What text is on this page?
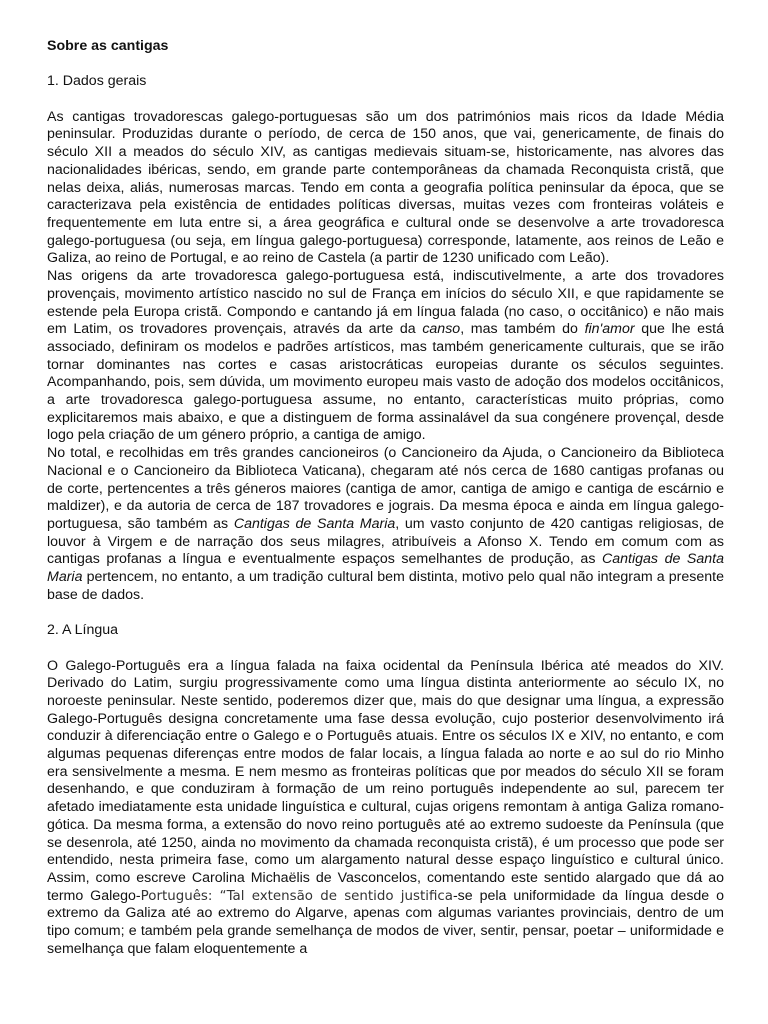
Sobre as cantigas
1. Dados gerais

As cantigas trovadorescas galego-portuguesas são um dos patrimónios mais ricos da Idade Média peninsular. Produzidas durante o período, de cerca de 150 anos, que vai, genericamente, de finais do século XII a meados do século XIV, as cantigas medievais situam-se, historicamente, nas alvores das nacionalidades ibéricas, sendo, em grande parte contemporâneas da chamada Reconquista cristã, que nelas deixa, aliás, numerosas marcas. Tendo em conta a geografia política peninsular da época, que se caracterizava pela existência de entidades políticas diversas, muitas vezes com fronteiras voláteis e frequentemente em luta entre si, a área geográfica e cultural onde se desenvolve a arte trovadoresca galego-portuguesa (ou seja, em língua galego-portuguesa) corresponde, latamente, aos reinos de Leão e Galiza, ao reino de Portugal, e ao reino de Castela (a partir de 1230 unificado com Leão).

Nas origens da arte trovadoresca galego-portuguesa está, indiscutivelmente, a arte dos trovadores provençais, movimento artístico nascido no sul de França em inícios do século XII, e que rapidamente se estende pela Europa cristã. Compondo e cantando já em língua falada (no caso, o occitânico) e não mais em Latim, os trovadores provençais, através da arte da canso, mas também do fin'amor que lhe está associado, definiram os modelos e padrões artísticos, mas também genericamente culturais, que se irão tornar dominantes nas cortes e casas aristocráticas europeias durante os séculos seguintes. Acompanhando, pois, sem dúvida, um movimento europeu mais vasto de adoção dos modelos occitânicos, a arte trovadoresca galego-portuguesa assume, no entanto, características muito próprias, como explicitaremos mais abaixo, e que a distinguem de forma assinalável da sua congénere provençal, desde logo pela criação de um género próprio, a cantiga de amigo.

No total, e recolhidas em três grandes cancioneiros (o Cancioneiro da Ajuda, o Cancioneiro da Biblioteca Nacional e o Cancioneiro da Biblioteca Vaticana), chegaram até nós cerca de 1680 cantigas profanas ou de corte, pertencentes a três géneros maiores (cantiga de amor, cantiga de amigo e cantiga de escárnio e maldizer), e da autoria de cerca de 187 trovadores e jograis. Da mesma época e ainda em língua galego-portuguesa, são também as Cantigas de Santa Maria, um vasto conjunto de 420 cantigas religiosas, de louvor à Virgem e de narração dos seus milagres, atribuíveis a Afonso X. Tendo em comum com as cantigas profanas a língua e eventualmente espaços semelhantes de produção, as Cantigas de Santa Maria pertencem, no entanto, a um tradição cultural bem distinta, motivo pelo qual não integram a presente base de dados.

2. A Língua

O Galego-Português era a língua falada na faixa ocidental da Península Ibérica até meados do XIV. Derivado do Latim, surgiu progressivamente como uma língua distinta anteriormente ao século IX, no noroeste peninsular. Neste sentido, poderemos dizer que, mais do que designar uma língua, a expressão Galego-Português designa concretamente uma fase dessa evolução, cujo posterior desenvolvimento irá conduzir à diferenciação entre o Galego e o Português atuais. Entre os séculos IX e XIV, no entanto, e com algumas pequenas diferenças entre modos de falar locais, a língua falada ao norte e ao sul do rio Minho era sensivelmente a mesma. E nem mesmo as fronteiras políticas que por meados do século XII se foram desenhando, e que conduziram à formação de um reino português independente ao sul, parecem ter afetado imediatamente esta unidade linguística e cultural, cujas origens remontam à antiga Galiza romano-gótica. Da mesma forma, a extensão do novo reino português até ao extremo sudoeste da Península (que se desenrola, até 1250, ainda no movimento da chamada reconquista cristã), é um processo que pode ser entendido, nesta primeira fase, como um alargamento natural desse espaço linguístico e cultural único. Assim, como escreve Carolina Michaëlis de Vasconcelos, comentando este sentido alargado que dá ao termo Galego-Português: “Tal extensão de sentido justifica-se pela uniformidade da língua desde o extremo da Galiza até ao extremo do Algarve, apenas com algumas variantes provinciais, dentro de um tipo comum; e também pela grande semelhança de modos de viver, sentir, pensar, poetar – uniformidade e semelhança que falam eloquentemente a
